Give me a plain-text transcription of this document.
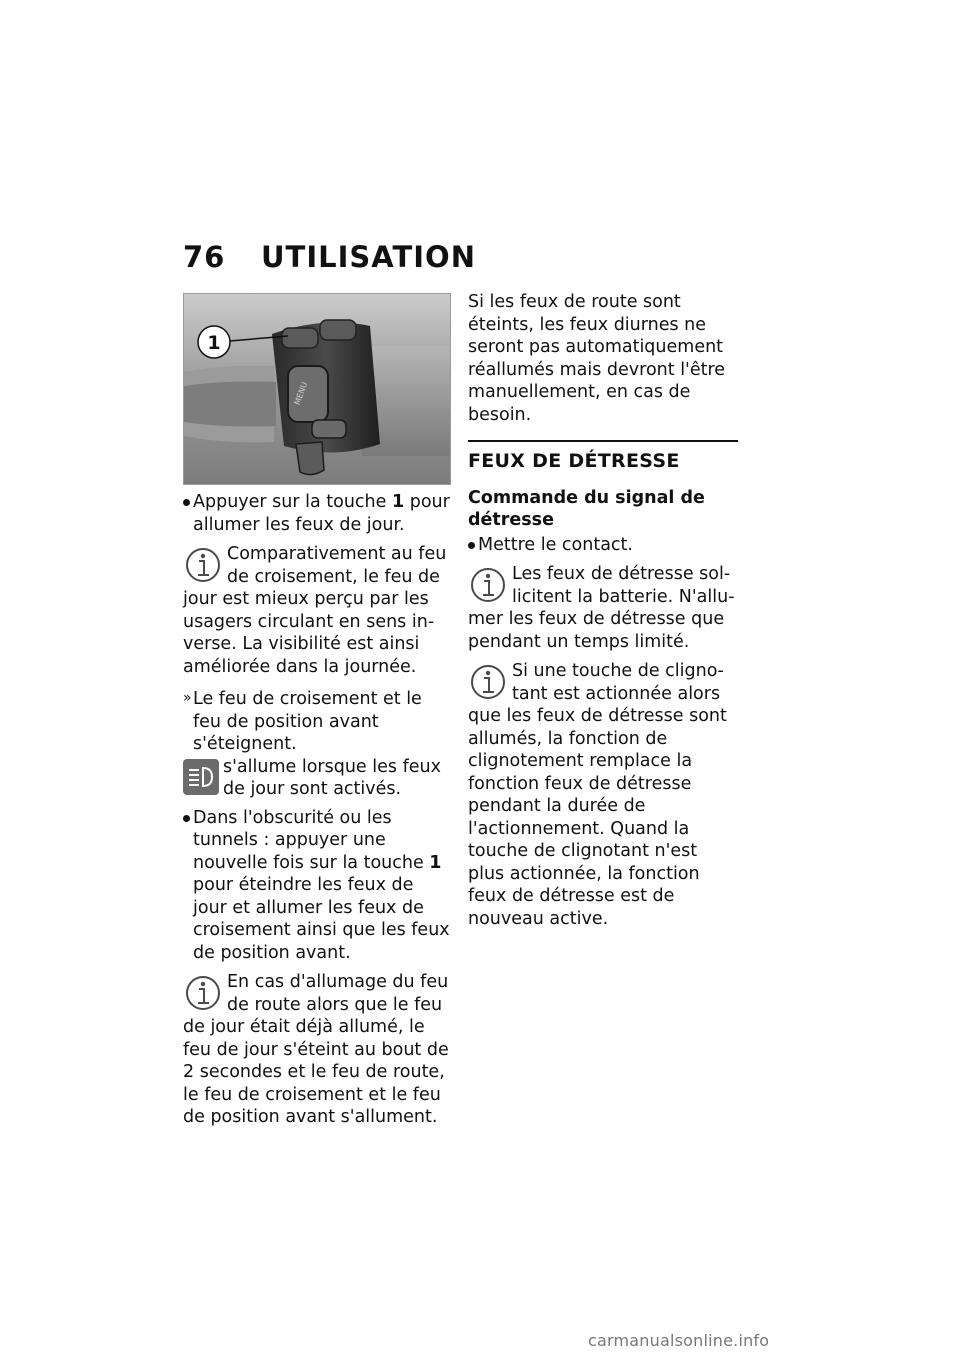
76 UTILISATION
MENU
1
Appuyer sur la touche 1 pour allumer les feux de jour.

Comparativement au feu de croisement, le feu de jour est mieux perçu par les usagers circulant en sens inverse. La visibilité est ainsi améliorée dans la journée.

» Le feu de croisement et le feu de position avant s'éteignent.

s'allume lorsque les feux de jour sont activés.

Dans l'obscurité ou les tunnels : appuyer une nouvelle fois sur la touche 1 pour éteindre les feux de jour et allumer les feux de croisement ainsi que les feux de position avant.

En cas d'allumage du feu de route alors que le feu de jour était déjà allumé, le feu de jour s'éteint au bout de 2 secondes et le feu de route, le feu de croisement et le feu de position avant s'allument.

Si les feux de route sont éteints, les feux diurnes ne seront pas automatiquement réallumés mais devront l'être manuellement, en cas de besoin.

FEUX DE DÉTRESSE
Commande du signal de détresse
Mettre le contact.

Les feux de détresse sollicitent la batterie. N'allumer les feux de détresse que pendant un temps limité.

Si une touche de clignotant est actionnée alors que les feux de détresse sont allumés, la fonction de clignotement remplace la fonction feux de détresse pendant la durée de l'actionnement. Quand la touche de clignotant n'est plus actionnée, la fonction feux de détresse est de nouveau active.

carmanualsonline.info
